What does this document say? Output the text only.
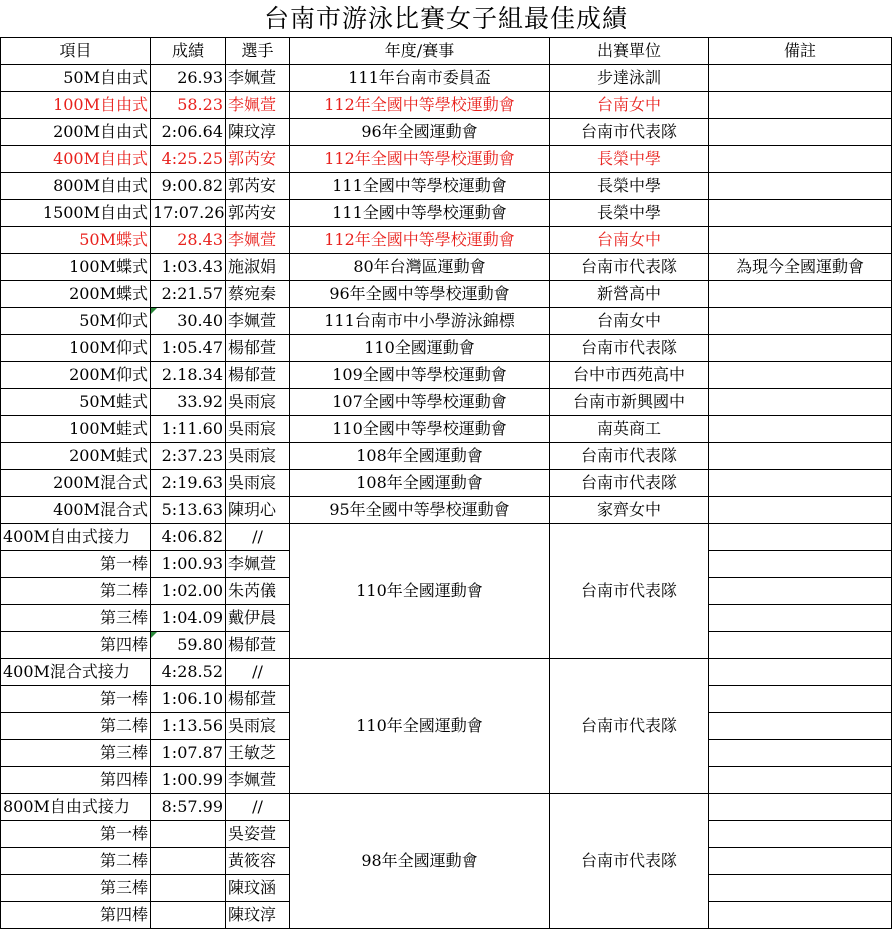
台南市游泳比賽女子組最佳成績
項目	成績	選手	年度/賽事	出賽單位	備註
50M自由式	26.93	李姵萱	111年台南市委員盃	步達泳訓	
100M自由式	58.23	李姵萱	112年全國中等學校運動會	台南女中	
200M自由式	2:06.64	陳玟淳	96年全國運動會	台南市代表隊	
400M自由式	4:25.25	郭芮安	112年全國中等學校運動會	長榮中學	
800M自由式	9:00.82	郭芮安	111全國中等學校運動會	長榮中學	
1500M自由式	17:07.26	郭芮安	111全國中等學校運動會	長榮中學	
50M蝶式	28.43	李姵萱	112年全國中等學校運動會	台南女中	
100M蝶式	1:03.43	施淑娟	80年台灣區運動會	台南市代表隊	為現今全國運動會
200M蝶式	2:21.57	蔡宛秦	96年全國中等學校運動會	新營高中	
50M仰式	30.40	李姵萱	111台南市中小學游泳錦標	台南女中	
100M仰式	1:05.47	楊郁萱	110全國運動會	台南市代表隊	
200M仰式	2.18.34	楊郁萱	109全國中等學校運動會	台中市西苑高中	
50M蛙式	33.92	吳雨宸	107全國中等學校運動會	台南市新興國中	
100M蛙式	1:11.60	吳雨宸	110全國中等學校運動會	南英商工	
200M蛙式	2:37.23	吳雨宸	108年全國運動會	台南市代表隊	
200M混合式	2:19.63	吳雨宸	108年全國運動會	台南市代表隊	
400M混合式	5:13.63	陳玥心	95年全國中等學校運動會	家齊女中	
400M自由式接力	4:06.82	//	110年全國運動會	台南市代表隊	
第一棒	1:00.93	李姵萱			
第二棒	1:02.00	朱芮儀			
第三棒	1:04.09	戴伊晨			
第四棒	59.80	楊郁萱			
400M混合式接力	4:28.52	//	110年全國運動會	台南市代表隊	
第一棒	1:06.10	楊郁萱			
第二棒	1:13.56	吳雨宸			
第三棒	1:07.87	王敏芝			
第四棒	1:00.99	李姵萱			
800M自由式接力	8:57.99	//	98年全國運動會	台南市代表隊	
第一棒		吳姿萱			
第二棒		黃筱容			
第三棒		陳玟涵			
第四棒		陳玟淳			
